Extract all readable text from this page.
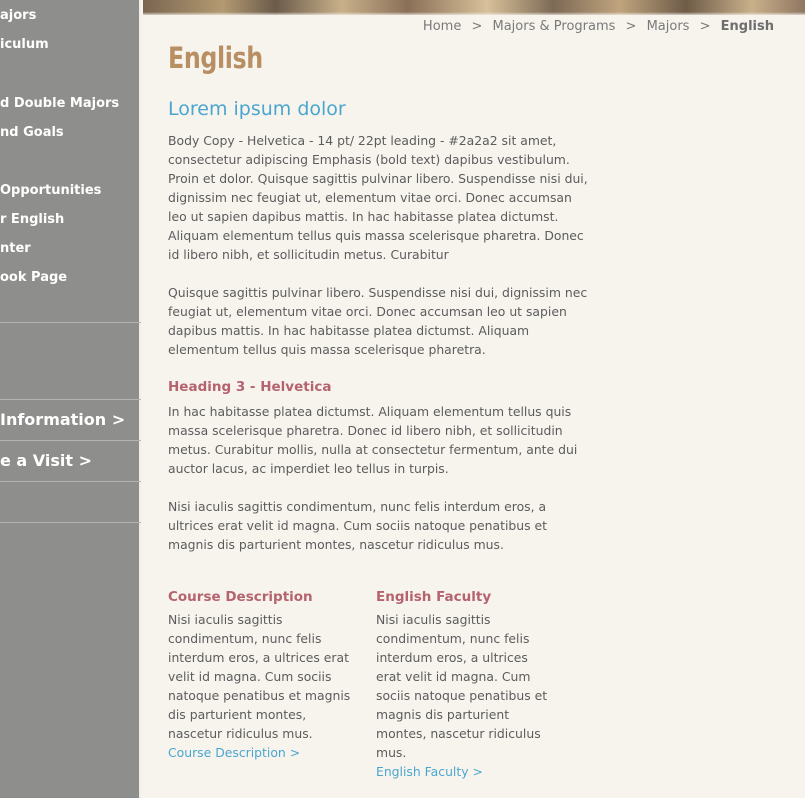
ajors
iculum
d Double Majors
nd Goals
Opportunities
r English
nter
ook Page
Information >
e a Visit >
Home > Majors & Programs > Majors > English
English
Lorem ipsum dolor

Body Copy - Helvetica - 14 pt/ 22pt leading - #2a2a2 sit amet, consectetur adipiscing Emphasis (bold text) dapibus vestibulum. Proin et dolor. Quisque sagittis pulvinar libero. Suspendisse nisi dui, dignissim nec feugiat ut, elementum vitae orci. Donec accumsan leo ut sapien dapibus mattis. In hac habitasse platea dictumst. Aliquam elementum tellus quis massa scelerisque pharetra. Donec id libero nibh, et sollicitudin metus. Curabitur

Quisque sagittis pulvinar libero. Suspendisse nisi dui, dignissim nec feugiat ut, elementum vitae orci. Donec accumsan leo ut sapien dapibus mattis. In hac habitasse platea dictumst. Aliquam elementum tellus quis massa scelerisque pharetra.

Heading 3 - Helvetica

In hac habitasse platea dictumst. Aliquam elementum tellus quis massa scelerisque pharetra. Donec id libero nibh, et sollicitudin metus. Curabitur mollis, nulla at consectetur fermentum, ante dui auctor lacus, ac imperdiet leo tellus in turpis.

Nisi iaculis sagittis condimentum, nunc felis interdum eros, a ultrices erat velit id magna. Cum sociis natoque penatibus et magnis dis parturient montes, nascetur ridiculus mus.

Course Description
Nisi iaculis sagittis condimentum, nunc felis interdum eros, a ultrices erat velit id magna. Cum sociis natoque penatibus et magnis dis parturient montes, nascetur ridiculus mus.
Course Description >
English Faculty
Nisi iaculis sagittis condimentum, nunc felis interdum eros, a ultrices erat velit id magna. Cum sociis natoque penatibus et magnis dis parturient montes, nascetur ridiculus mus.
English Faculty >
